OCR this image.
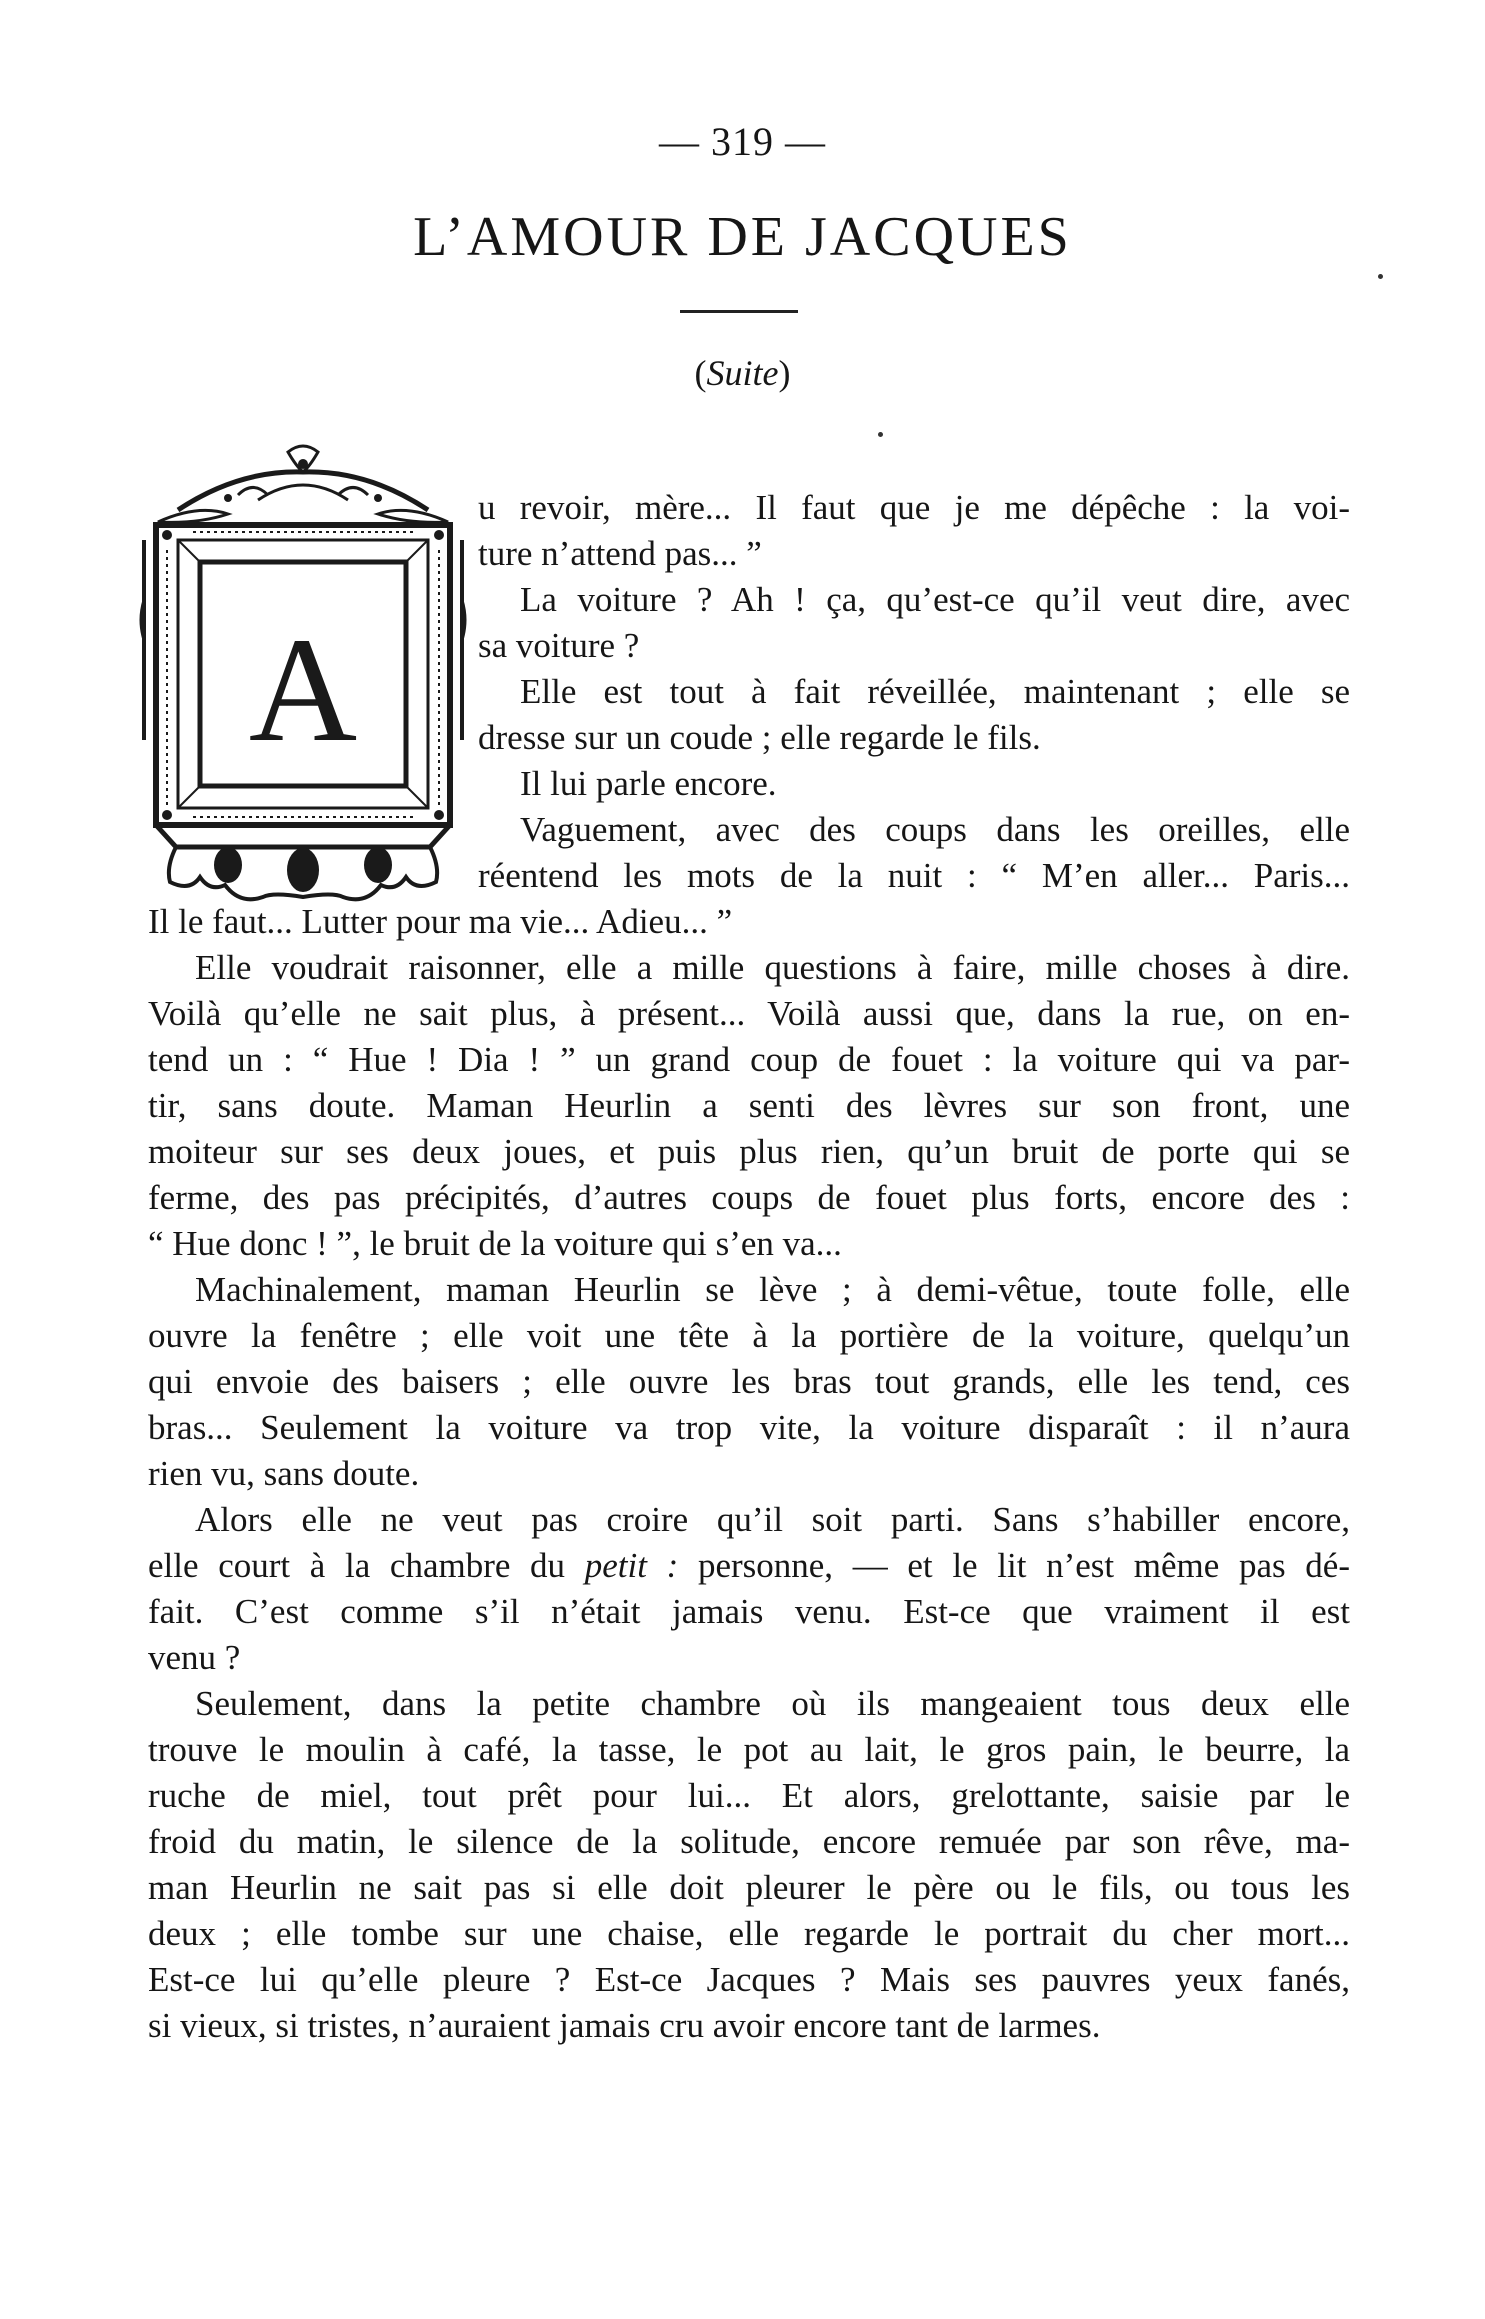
— 319 —
L’AMOUR DE JACQUES
(Suite)
A
u revoir, mère... Il faut que je me dépêche : la voi-
ture n’attend pas... ”
La voiture ? Ah ! ça, qu’est-ce qu’il veut dire, avec
sa voiture ?
Elle est tout à fait réveillée, maintenant ; elle se
dresse sur un coude ; elle regarde le fils.
Il lui parle encore.
Vaguement, avec des coups dans les oreilles, elle
réentend les mots de la nuit : “ M’en aller... Paris...
Il le faut... Lutter pour ma vie... Adieu... ”
Elle voudrait raisonner, elle a mille questions à faire, mille choses à dire.
Voilà qu’elle ne sait plus, à présent... Voilà aussi que, dans la rue, on en-
tend un : “ Hue ! Dia ! ” un grand coup de fouet : la voiture qui va par-
tir, sans doute. Maman Heurlin a senti des lèvres sur son front, une
moiteur sur ses deux joues, et puis plus rien, qu’un bruit de porte qui se
ferme, des pas précipités, d’autres coups de fouet plus forts, encore des :
“ Hue donc ! ”, le bruit de la voiture qui s’en va...
Machinalement, maman Heurlin se lève ; à demi-vêtue, toute folle, elle
ouvre la fenêtre ; elle voit une tête à la portière de la voiture, quelqu’un
qui envoie des baisers ; elle ouvre les bras tout grands, elle les tend, ces
bras... Seulement la voiture va trop vite, la voiture disparaît : il n’aura
rien vu, sans doute.
Alors elle ne veut pas croire qu’il soit parti. Sans s’habiller encore,
elle court à la chambre du petit : personne, — et le lit n’est même pas dé-
fait. C’est comme s’il n’était jamais venu. Est-ce que vraiment il est
venu ?
Seulement, dans la petite chambre où ils mangeaient tous deux elle
trouve le moulin à café, la tasse, le pot au lait, le gros pain, le beurre, la
ruche de miel, tout prêt pour lui... Et alors, grelottante, saisie par le
froid du matin, le silence de la solitude, encore remuée par son rêve, ma-
man Heurlin ne sait pas si elle doit pleurer le père ou le fils, ou tous les
deux ; elle tombe sur une chaise, elle regarde le portrait du cher mort...
Est-ce lui qu’elle pleure ? Est-ce Jacques ? Mais ses pauvres yeux fanés,
si vieux, si tristes, n’auraient jamais cru avoir encore tant de larmes.
